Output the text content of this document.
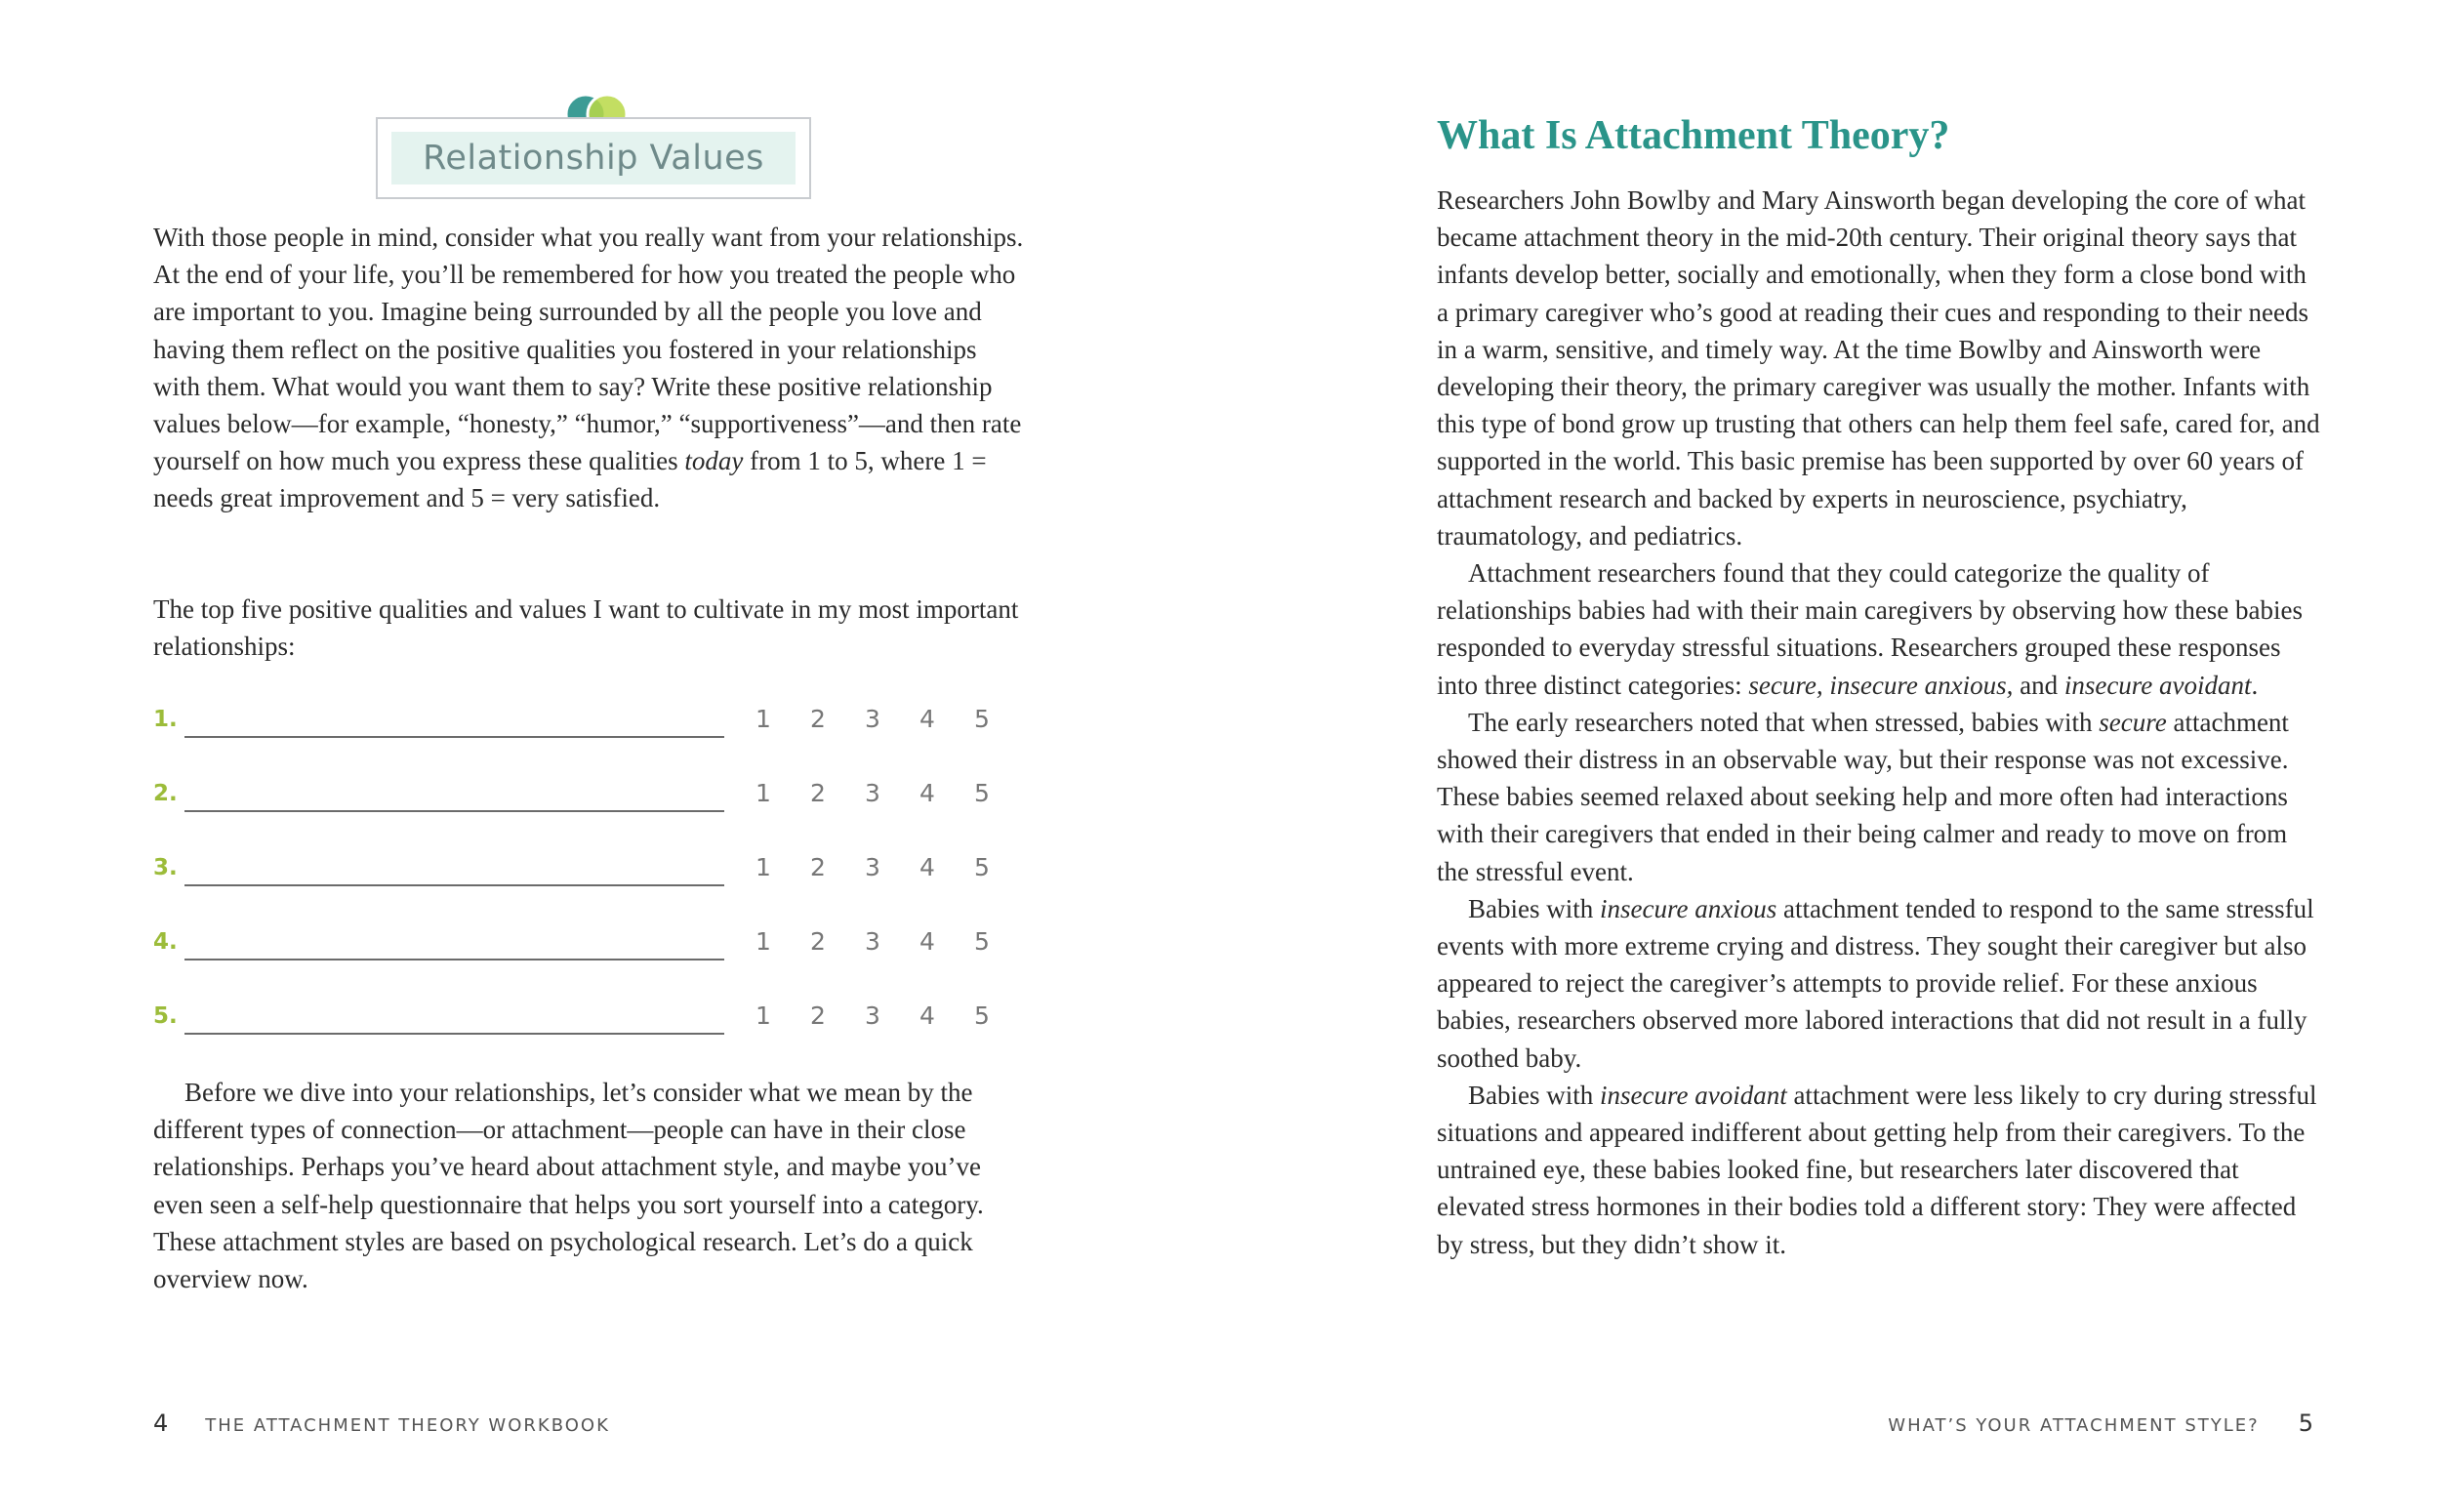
Relationship Values

With those people in mind, consider what you really want from your relationships. At the end of your life, you’ll be remembered for how you treated the people who are important to you. Imagine being surrounded by all the people you love and having them reflect on the positive qualities you fostered in your relationships with them. What would you want them to say? Write these positive relationship values below—for example, “honesty,” “humor,” “supportiveness”—and then rate yourself on how much you express these qualities today from 1 to 5, where 1 = needs great improvement and 5 = very satisfied.

The top five positive qualities and values I want to cultivate in my most important relationships:

1.	1	2	3	4	5
2.	1	2	3	4	5
3.	1	2	3	4	5
4.	1	2	3	4	5
5.	1	2	3	4	5

Before we dive into your relationships, let’s consider what we mean by the different types of connection—or attachment—people can have in their close relationships. Perhaps you’ve heard about attachment style, and maybe you’ve even seen a self-help questionnaire that helps you sort yourself into a category. These attachment styles are based on psychological research. Let’s do a quick overview now.

4 THE ATTACHMENT THEORY WORKBOOK
What Is Attachment Theory?

Researchers John Bowlby and Mary Ainsworth began developing the core of what became attachment theory in the mid-20th century. Their original theory says that infants develop better, socially and emotionally, when they form a close bond with a primary caregiver who’s good at reading their cues and responding to their needs in a warm, sensitive, and timely way. At the time Bowlby and Ainsworth were developing their theory, the primary caregiver was usually the mother. Infants with this type of bond grow up trusting that others can help them feel safe, cared for, and supported in the world. This basic premise has been supported by over 60 years of attachment research and backed by experts in neuroscience, psychiatry, traumatology, and pediatrics.

Attachment researchers found that they could categorize the quality of relationships babies had with their main caregivers by observing how these babies responded to everyday stressful situations. Researchers grouped these responses into three distinct categories: secure, insecure anxious, and insecure avoidant.

The early researchers noted that when stressed, babies with secure attachment showed their distress in an observable way, but their response was not excessive. These babies seemed relaxed about seeking help and more often had interactions with their caregivers that ended in their being calmer and ready to move on from the stressful event.

Babies with insecure anxious attachment tended to respond to the same stressful events with more extreme crying and distress. They sought their caregiver but also appeared to reject the caregiver’s attempts to provide relief. For these anxious babies, researchers observed more labored interactions that did not result in a fully soothed baby.

Babies with insecure avoidant attachment were less likely to cry during stressful situations and appeared indifferent about getting help from their caregivers. To the untrained eye, these babies looked fine, but researchers later discovered that elevated stress hormones in their bodies told a different story: They were affected by stress, but they didn’t show it.

WHAT’S YOUR ATTACHMENT STYLE? 5
